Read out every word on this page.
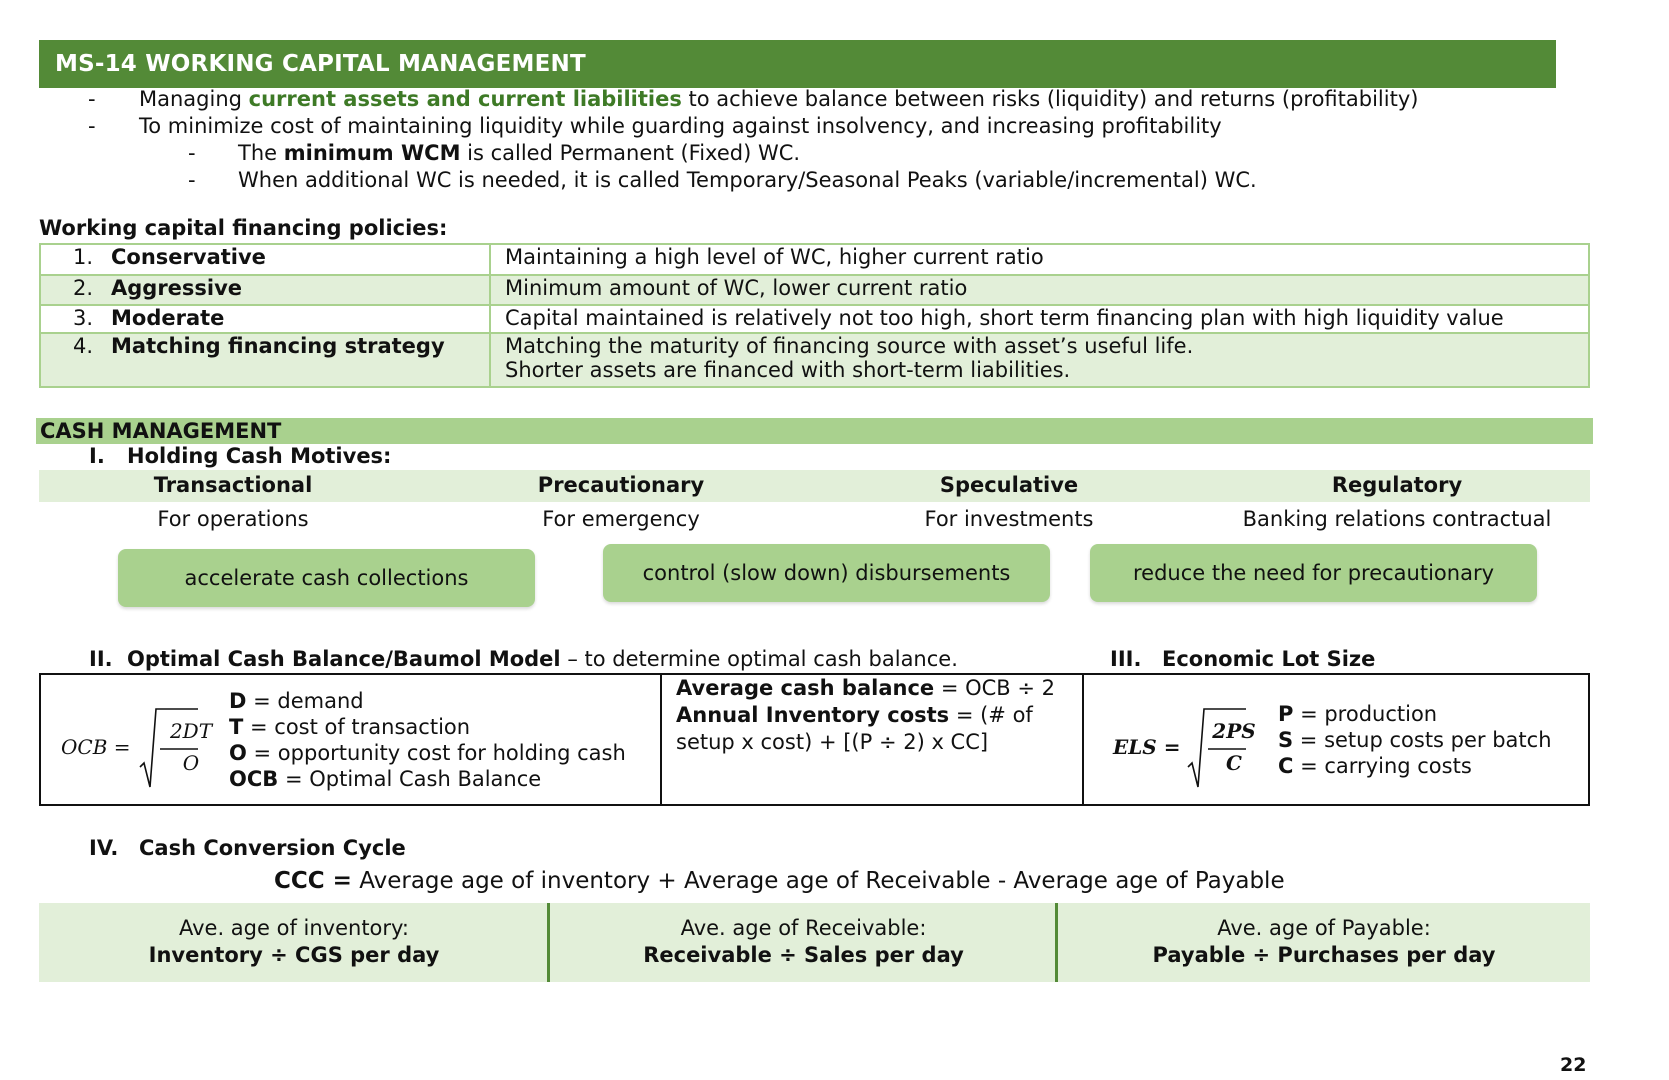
MS-14 WORKING CAPITAL MANAGEMENT
- Managing current assets and current liabilities to achieve balance between risks (liquidity) and returns (profitability)
- To minimize cost of maintaining liquidity while guarding against insolvency, and increasing profitability
- The minimum WCM is called Permanent (Fixed) WC.
- When additional WC is needed, it is called Temporary/Seasonal Peaks (variable/incremental) WC.
Working capital financing policies:
1. Conservative	Maintaining a high level of WC, higher current ratio
2. Aggressive	Minimum amount of WC, lower current ratio
3. Moderate	Capital maintained is relatively not too high, short term financing plan with high liquidity value
4. Matching financing strategy	Matching the maturity of financing source with asset’s useful life.
Shorter assets are financed with short-term liabilities.
CASH MANAGEMENT
I. Holding Cash Motives:
Transactional	Precautionary	Speculative	Regulatory
For operations	For emergency	For investments	Banking relations contractual
accelerate cash collections	control (slow down) disbursements	reduce the need for precautionary
II. Optimal Cash Balance/Baumol Model – to determine optimal cash balance.	III. Economic Lot Size
OCB =
2DT
O
D = demand
T = cost of transaction
O = opportunity cost for holding cash
OCB = Optimal Cash Balance
Average cash balance = OCB ÷ 2
Annual Inventory costs = (# of
setup x cost) + [(P ÷ 2) x CC]	ELS =
2PS
C
P = production
S = setup costs per batch
C = carrying costs
IV. Cash Conversion Cycle
CCC = Average age of inventory + Average age of Receivable - Average age of Payable
Ave. age of inventory:
Inventory ÷ CGS per day
Ave. age of Receivable:
Receivable ÷ Sales per day
Ave. age of Payable:
Payable ÷ Purchases per day
22
